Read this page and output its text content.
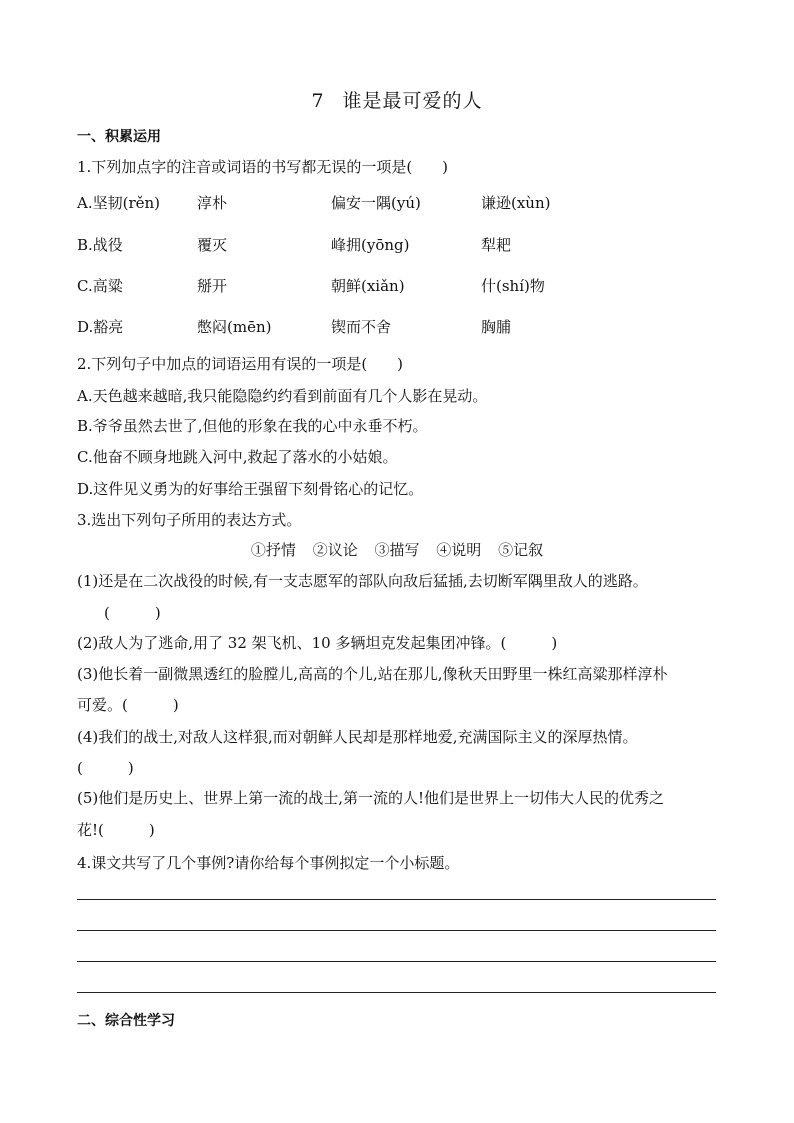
7 谁是最可爱的人
一、积累运用
1.下列加点字的注音或词语的书写都无误的一项是(　　)
A.坚韧(rěn) 淳朴	偏安一隅(yú)	谦逊(xùn)
B.战役	覆灭	峰拥(yōng)	犁耙
C.高粱	掰开	朝鲜(xiǎn)	什(shí)物
D.豁亮	憋闷(mēn)	锲而不舍	胸脯
2.下列句子中加点的词语运用有误的一项是(　　)
A.天色越来越暗,我只能隐隐约约看到前面有几个人影在晃动。
B.爷爷虽然去世了,但他的形象在我的心中永垂不朽。
C.他奋不顾身地跳入河中,救起了落水的小姑娘。
D.这件见义勇为的好事给王强留下刻骨铭心的记忆。
3.选出下列句子所用的表达方式。
①抒情 ②议论 ③描写 ④说明 ⑤记叙
(1)还是在二次战役的时候,有一支志愿军的部队向敌后猛插,去切断军隅里敌人的逃路。
(　　　)
(2)敌人为了逃命,用了 32 架飞机、10 多辆坦克发起集团冲锋。(　　　)
(3)他长着一副微黑透红的脸膛儿,高高的个儿,站在那儿,像秋天田野里一株红高粱那样淳朴
可爱。(　　　)
(4)我们的战士,对敌人这样狠,而对朝鲜人民却是那样地爱,充满国际主义的深厚热情。
(　　　)
(5)他们是历史上、世界上第一流的战士,第一流的人!他们是世界上一切伟大人民的优秀之
花!(　　　)
4.课文共写了几个事例?请你给每个事例拟定一个小标题。
二、综合性学习
